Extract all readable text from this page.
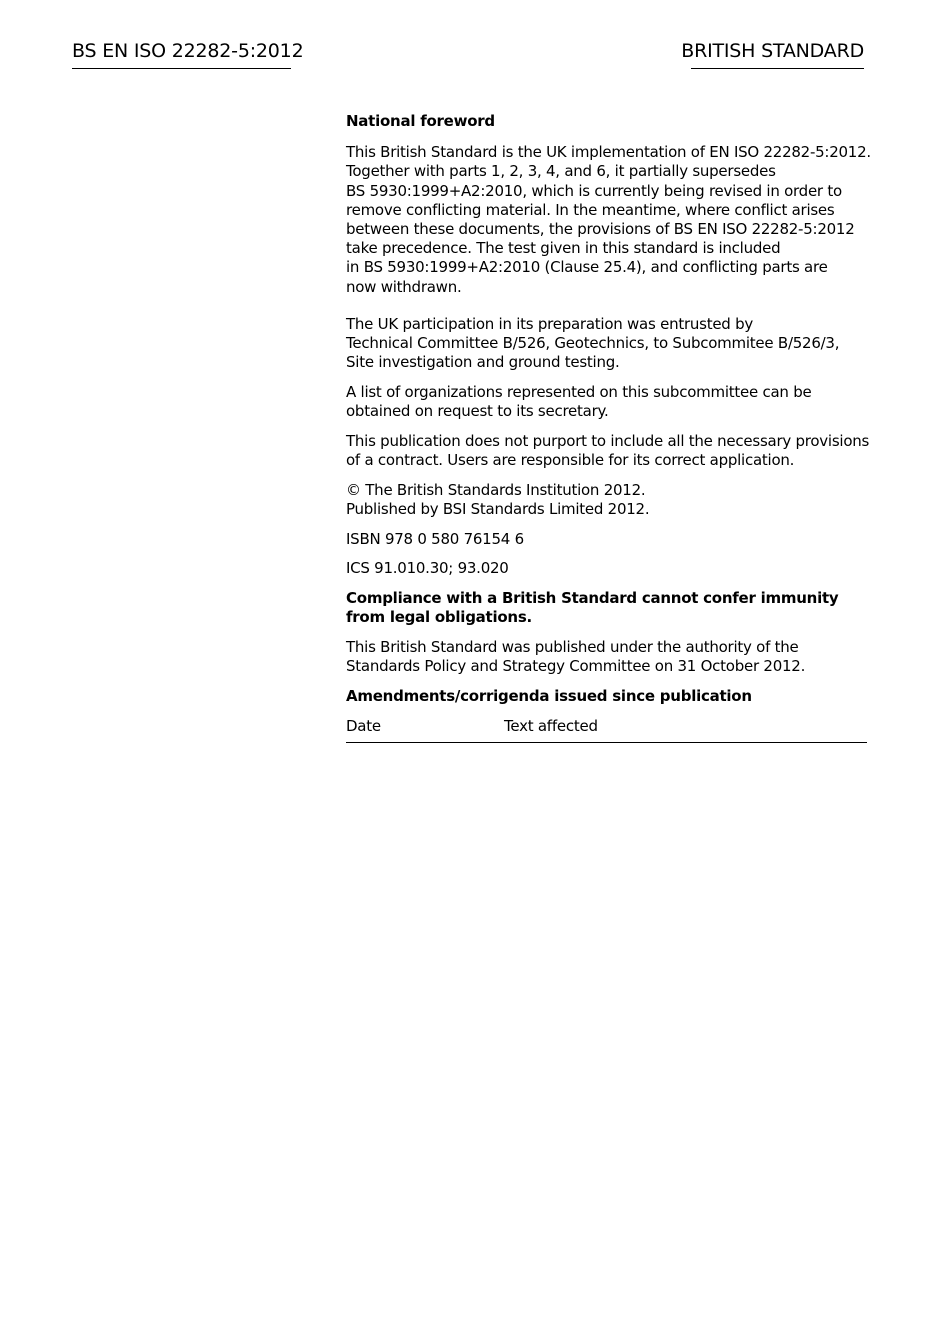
BS EN ISO 22282-5:2012	BRITISH STANDARD

National foreword

This British Standard is the UK implementation of EN ISO 22282-5:2012.
Together with parts 1, 2, 3, 4, and 6, it partially supersedes
BS 5930:1999+A2:2010, which is currently being revised in order to
remove conflicting material. In the meantime, where conflict arises
between these documents, the provisions of BS EN ISO 22282-5:2012
take precedence. The test given in this standard is included
in BS 5930:1999+A2:2010 (Clause 25.4), and conflicting parts are
now withdrawn.

The UK participation in its preparation was entrusted by
Technical Committee B/526, Geotechnics, to Subcommitee B/526/3,
Site investigation and ground testing.

A list of organizations represented on this subcommittee can be
obtained on request to its secretary.

This publication does not purport to include all the necessary provisions
of a contract. Users are responsible for its correct application.

© The British Standards Institution 2012.
Published by BSI Standards Limited 2012.

ISBN 978 0 580 76154 6

ICS 91.010.30; 93.020

Compliance with a British Standard cannot confer immunity
from legal obligations.

This British Standard was published under the authority of the
Standards Policy and Strategy Committee on 31 October 2012.

Amendments/corrigenda issued since publication

Date	Text affected
